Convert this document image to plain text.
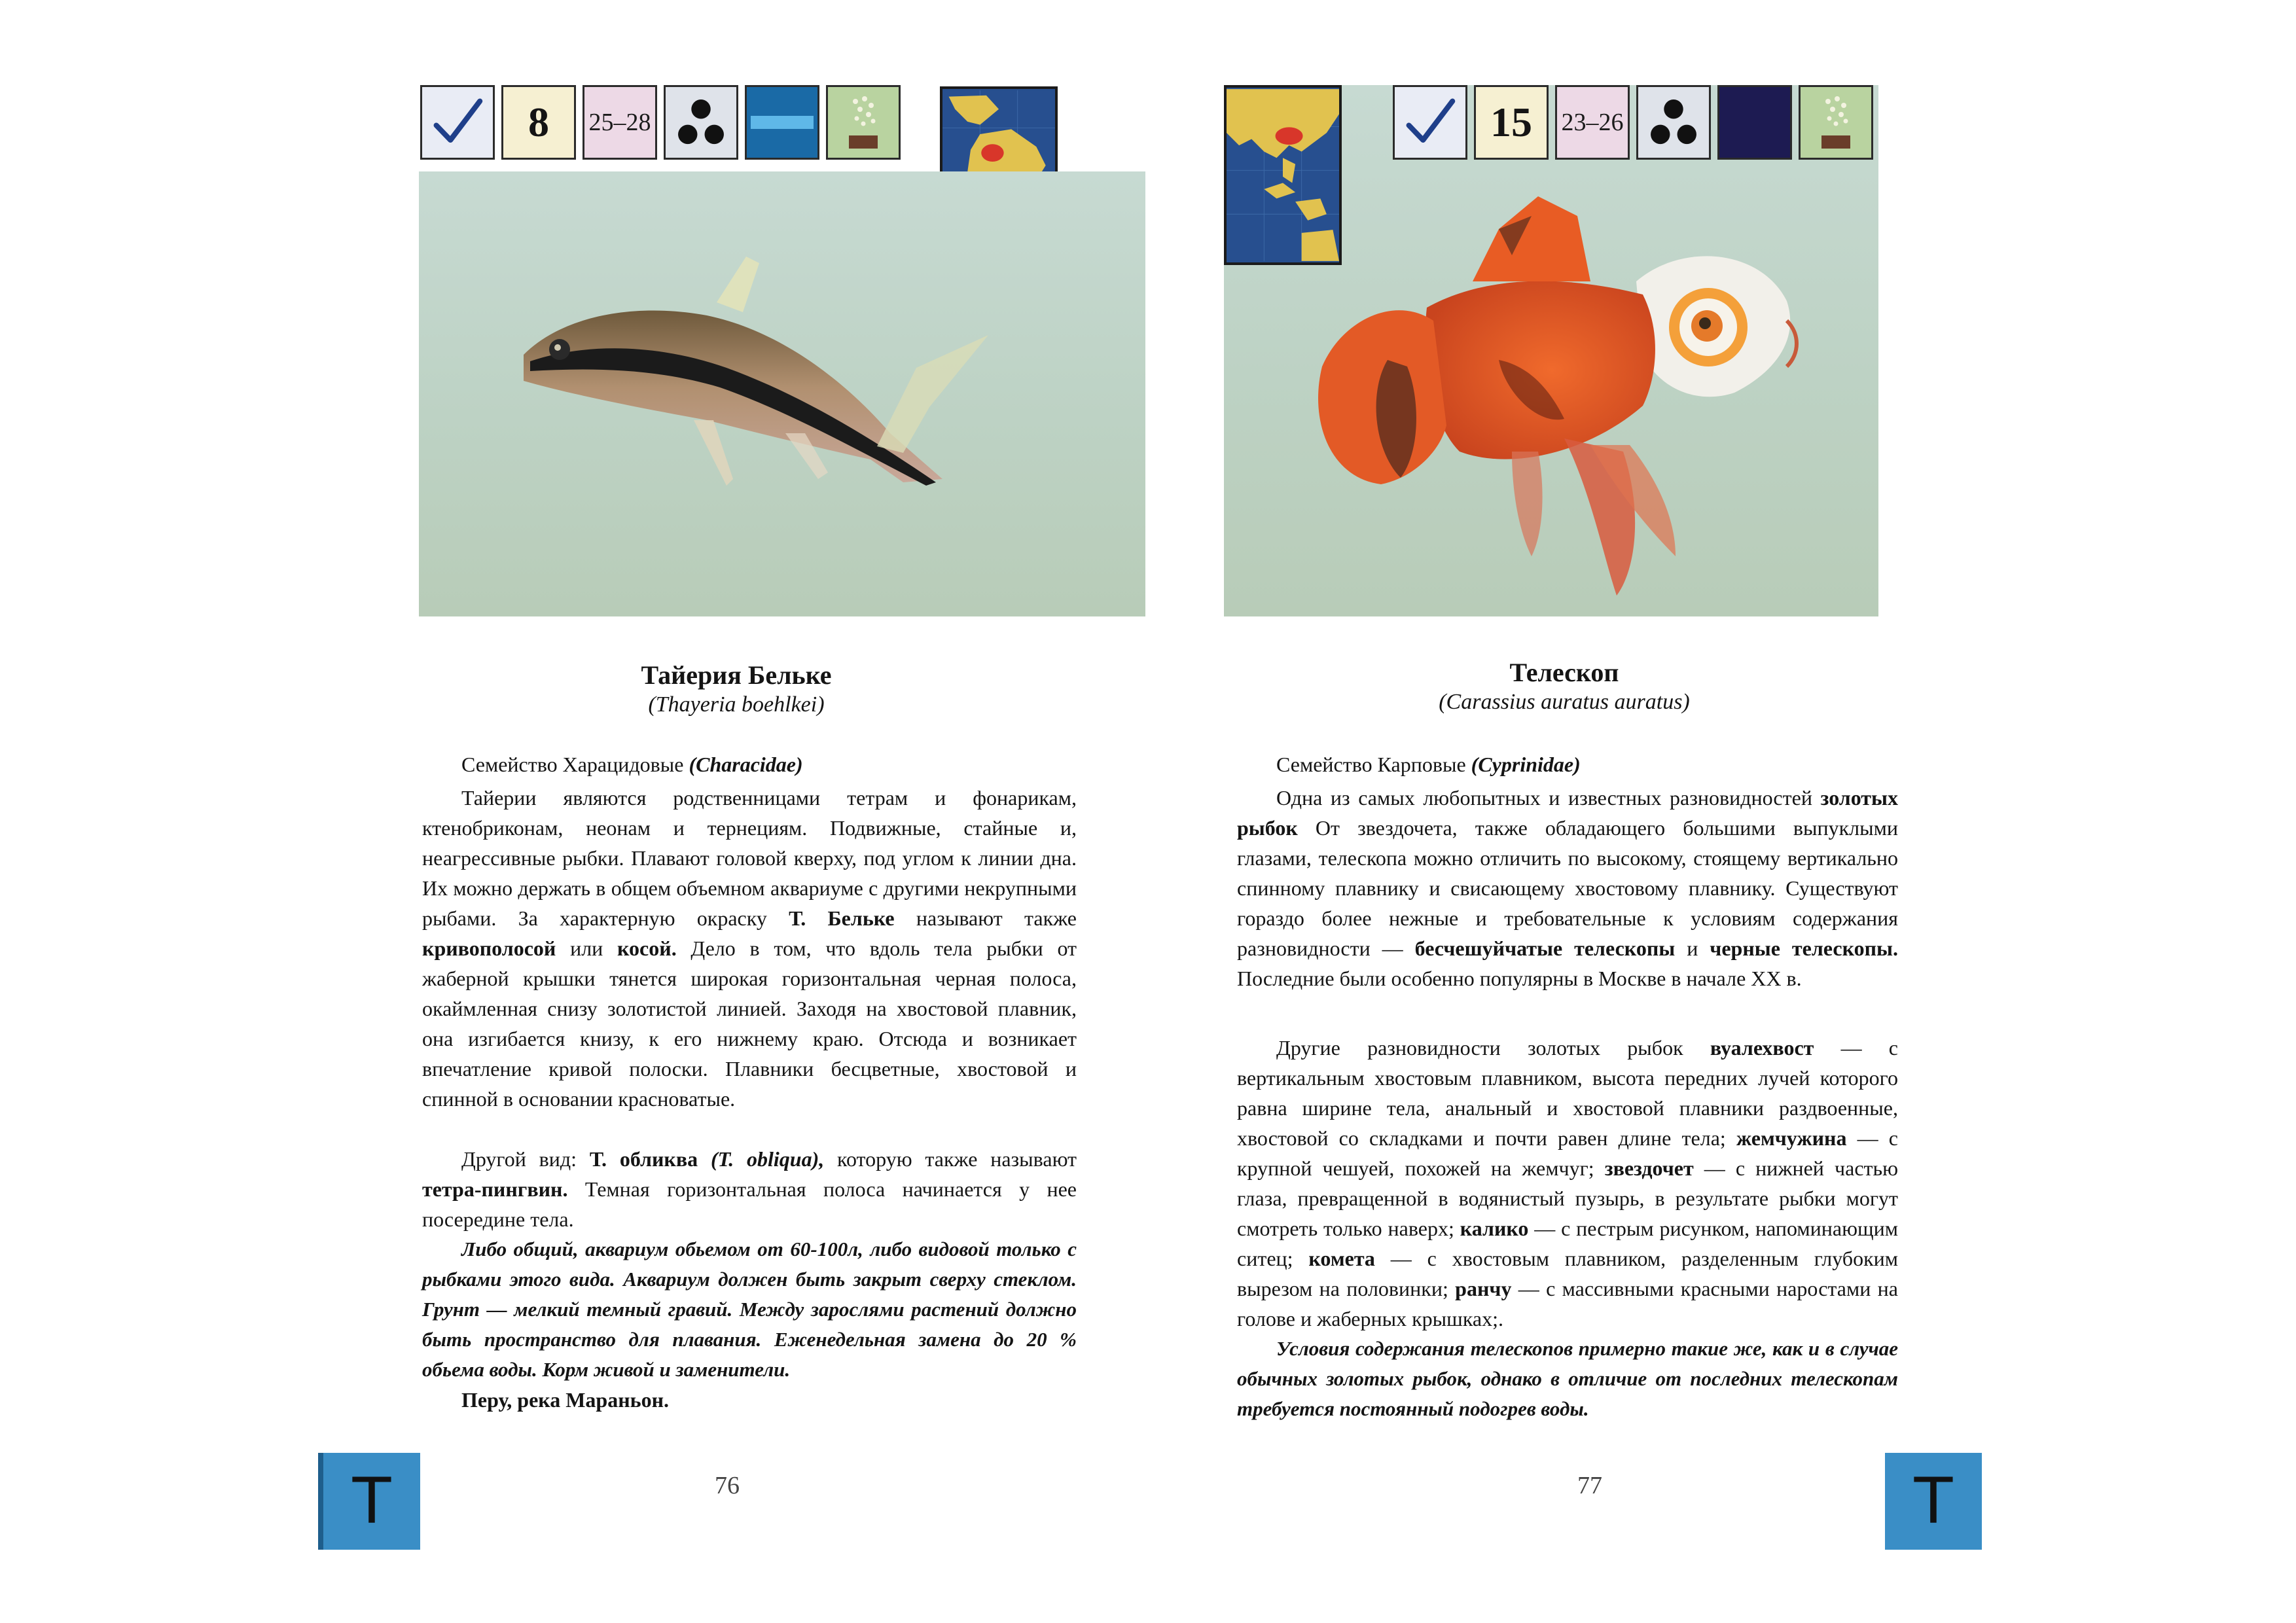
8	25–28
Тайерия Бельке
(Thayeria boehlkei)
Семейство Харацидовые (Characidae)

Тайерии являются родственницами тетрам и фонарикам, ктенобриконам, неонам и тернециям. Подвижные, стайные и, неагрессивные рыбки. Плавают головой кверху, под углом к линии дна. Их можно держать в общем объемном аквариуме с другими некрупными рыбами. За характерную окраску Т. Бельке называют также кривополосой или косой. Дело в том, что вдоль тела рыбки от жаберной крышки тянется широкая горизонтальная черная полоса, окаймленная снизу золотистой линией. Заходя на хвостовой плавник, она изгибается книзу, к его нижнему краю. Отсюда и возникает впечатление кривой полоски. Плавники бесцветные, хвостовой и спинной в основании красноватые.

Другой вид: Т. обликва (T. obliqua), которую также называют тетра-пингвин. Темная горизонтальная полоса начинается у нее посередине тела.

Либо общий, аквариум обьемом от 60-100л, либо видовой только с рыбками этого вида. Аквариум должен быть закрыт сверху стеклом. Грунт — мелкий темный гравий. Между зарослями растений должно быть пространство для плавания. Еженедельная замена до 20 % обьема воды. Корм живой и заменители.

Перу, река Мараньон.

76
T
15	23–26
Телескоп
(Carassius auratus auratus)
Семейство Карповые (Cyprinidae)

Одна из самых любопытных и известных разновидностей золотых рыбок От звездочета, также обладающего большими выпуклыми глазами, телескопа можно отличить по высокому, стоящему вертикально спинному плавнику и свисающему хвостовому плавнику. Существуют гораздо более нежные и требовательные к условиям содержания разновидности — бесчешуйчатые телескопы и черные телескопы. Последние были особенно популярны в Москве в начале XX в.

Другие разновидности золотых рыбок вуалехвост — с вертикальным хвостовым плавником, высота передних лучей которого равна ширине тела, анальный и хвостовой плавники раздвоенные, хвостовой со складками и почти равен длине тела; жемчужина — с крупной чешуей, похожей на жемчуг; звездочет — с нижней частью глаза, превращенной в водянистый пузырь, в результате рыбки могут смотреть только наверх; калико — с пестрым рисунком, напоминающим ситец; комета — с хвостовым плавником, разделенным глубоким вырезом на половинки; ранчу — с массивными красными наростами на голове и жаберных крышках;.

Условия содержания телескопов примерно такие же, как и в случае обычных золотых рыбок, однако в отличие от последних телескопам требуется постоянный подогрев воды.

77	T
